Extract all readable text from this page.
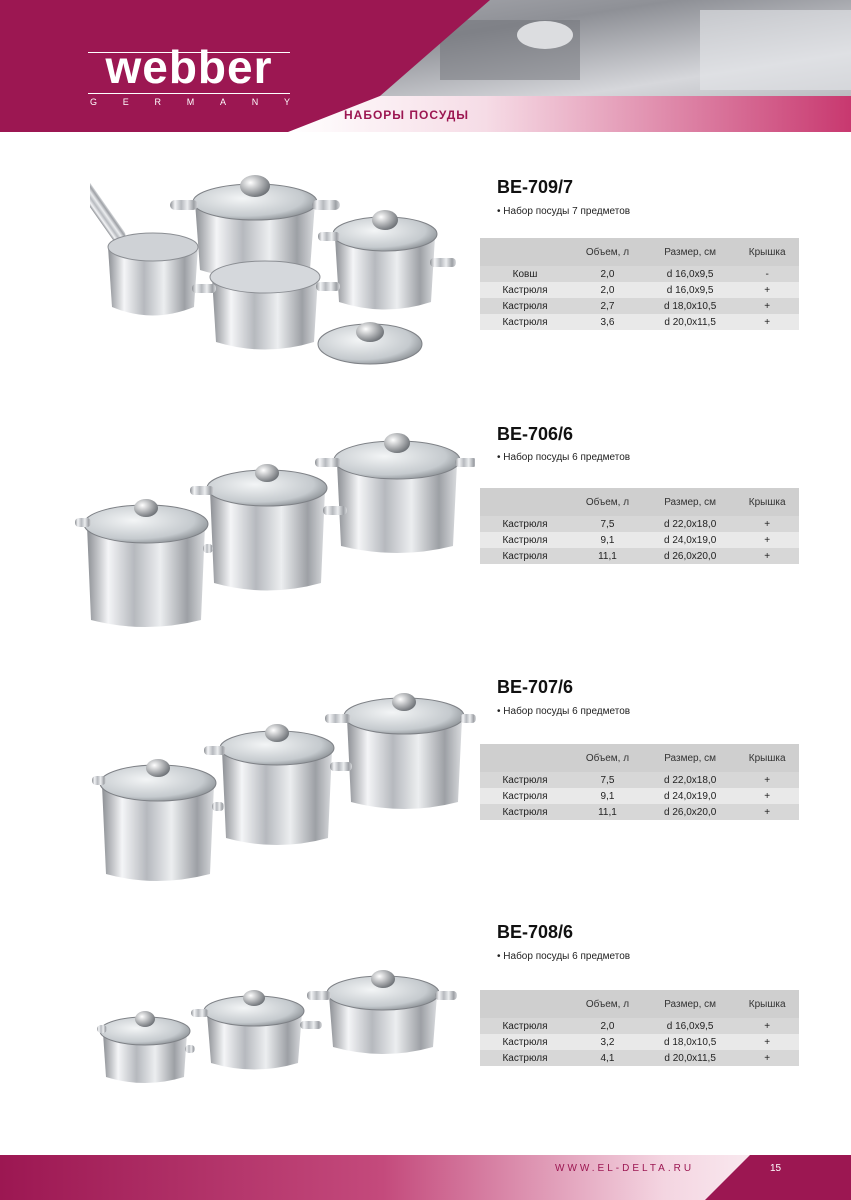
webber
G	E	R	M	A	N	Y
НАБОРЫ ПОСУДЫ
BE-709/7
• Набор посуды 7 предметов
	Объем, л	Размер, см	Крышка
Ковш	2,0	d 16,0x9,5	-
Кастрюля	2,0	d 16,0x9,5	+
Кастрюля	2,7	d 18,0x10,5	+
Кастрюля	3,6	d 20,0x11,5	+
BE-706/6
• Набор посуды 6 предметов
	Объем, л	Размер, см	Крышка
Кастрюля	7,5	d 22,0x18,0	+
Кастрюля	9,1	d 24,0x19,0	+
Кастрюля	11,1	d 26,0x20,0	+
BE-707/6
• Набор посуды 6 предметов
	Объем, л	Размер, см	Крышка
Кастрюля	7,5	d 22,0x18,0	+
Кастрюля	9,1	d 24,0x19,0	+
Кастрюля	11,1	d 26,0x20,0	+
BE-708/6
• Набор посуды 6 предметов
	Объем, л	Размер, см	Крышка
Кастрюля	2,0	d 16,0x9,5	+
Кастрюля	3,2	d 18,0x10,5	+
Кастрюля	4,1	d 20,0x11,5	+
WWW.EL-DELTA.RU	15
